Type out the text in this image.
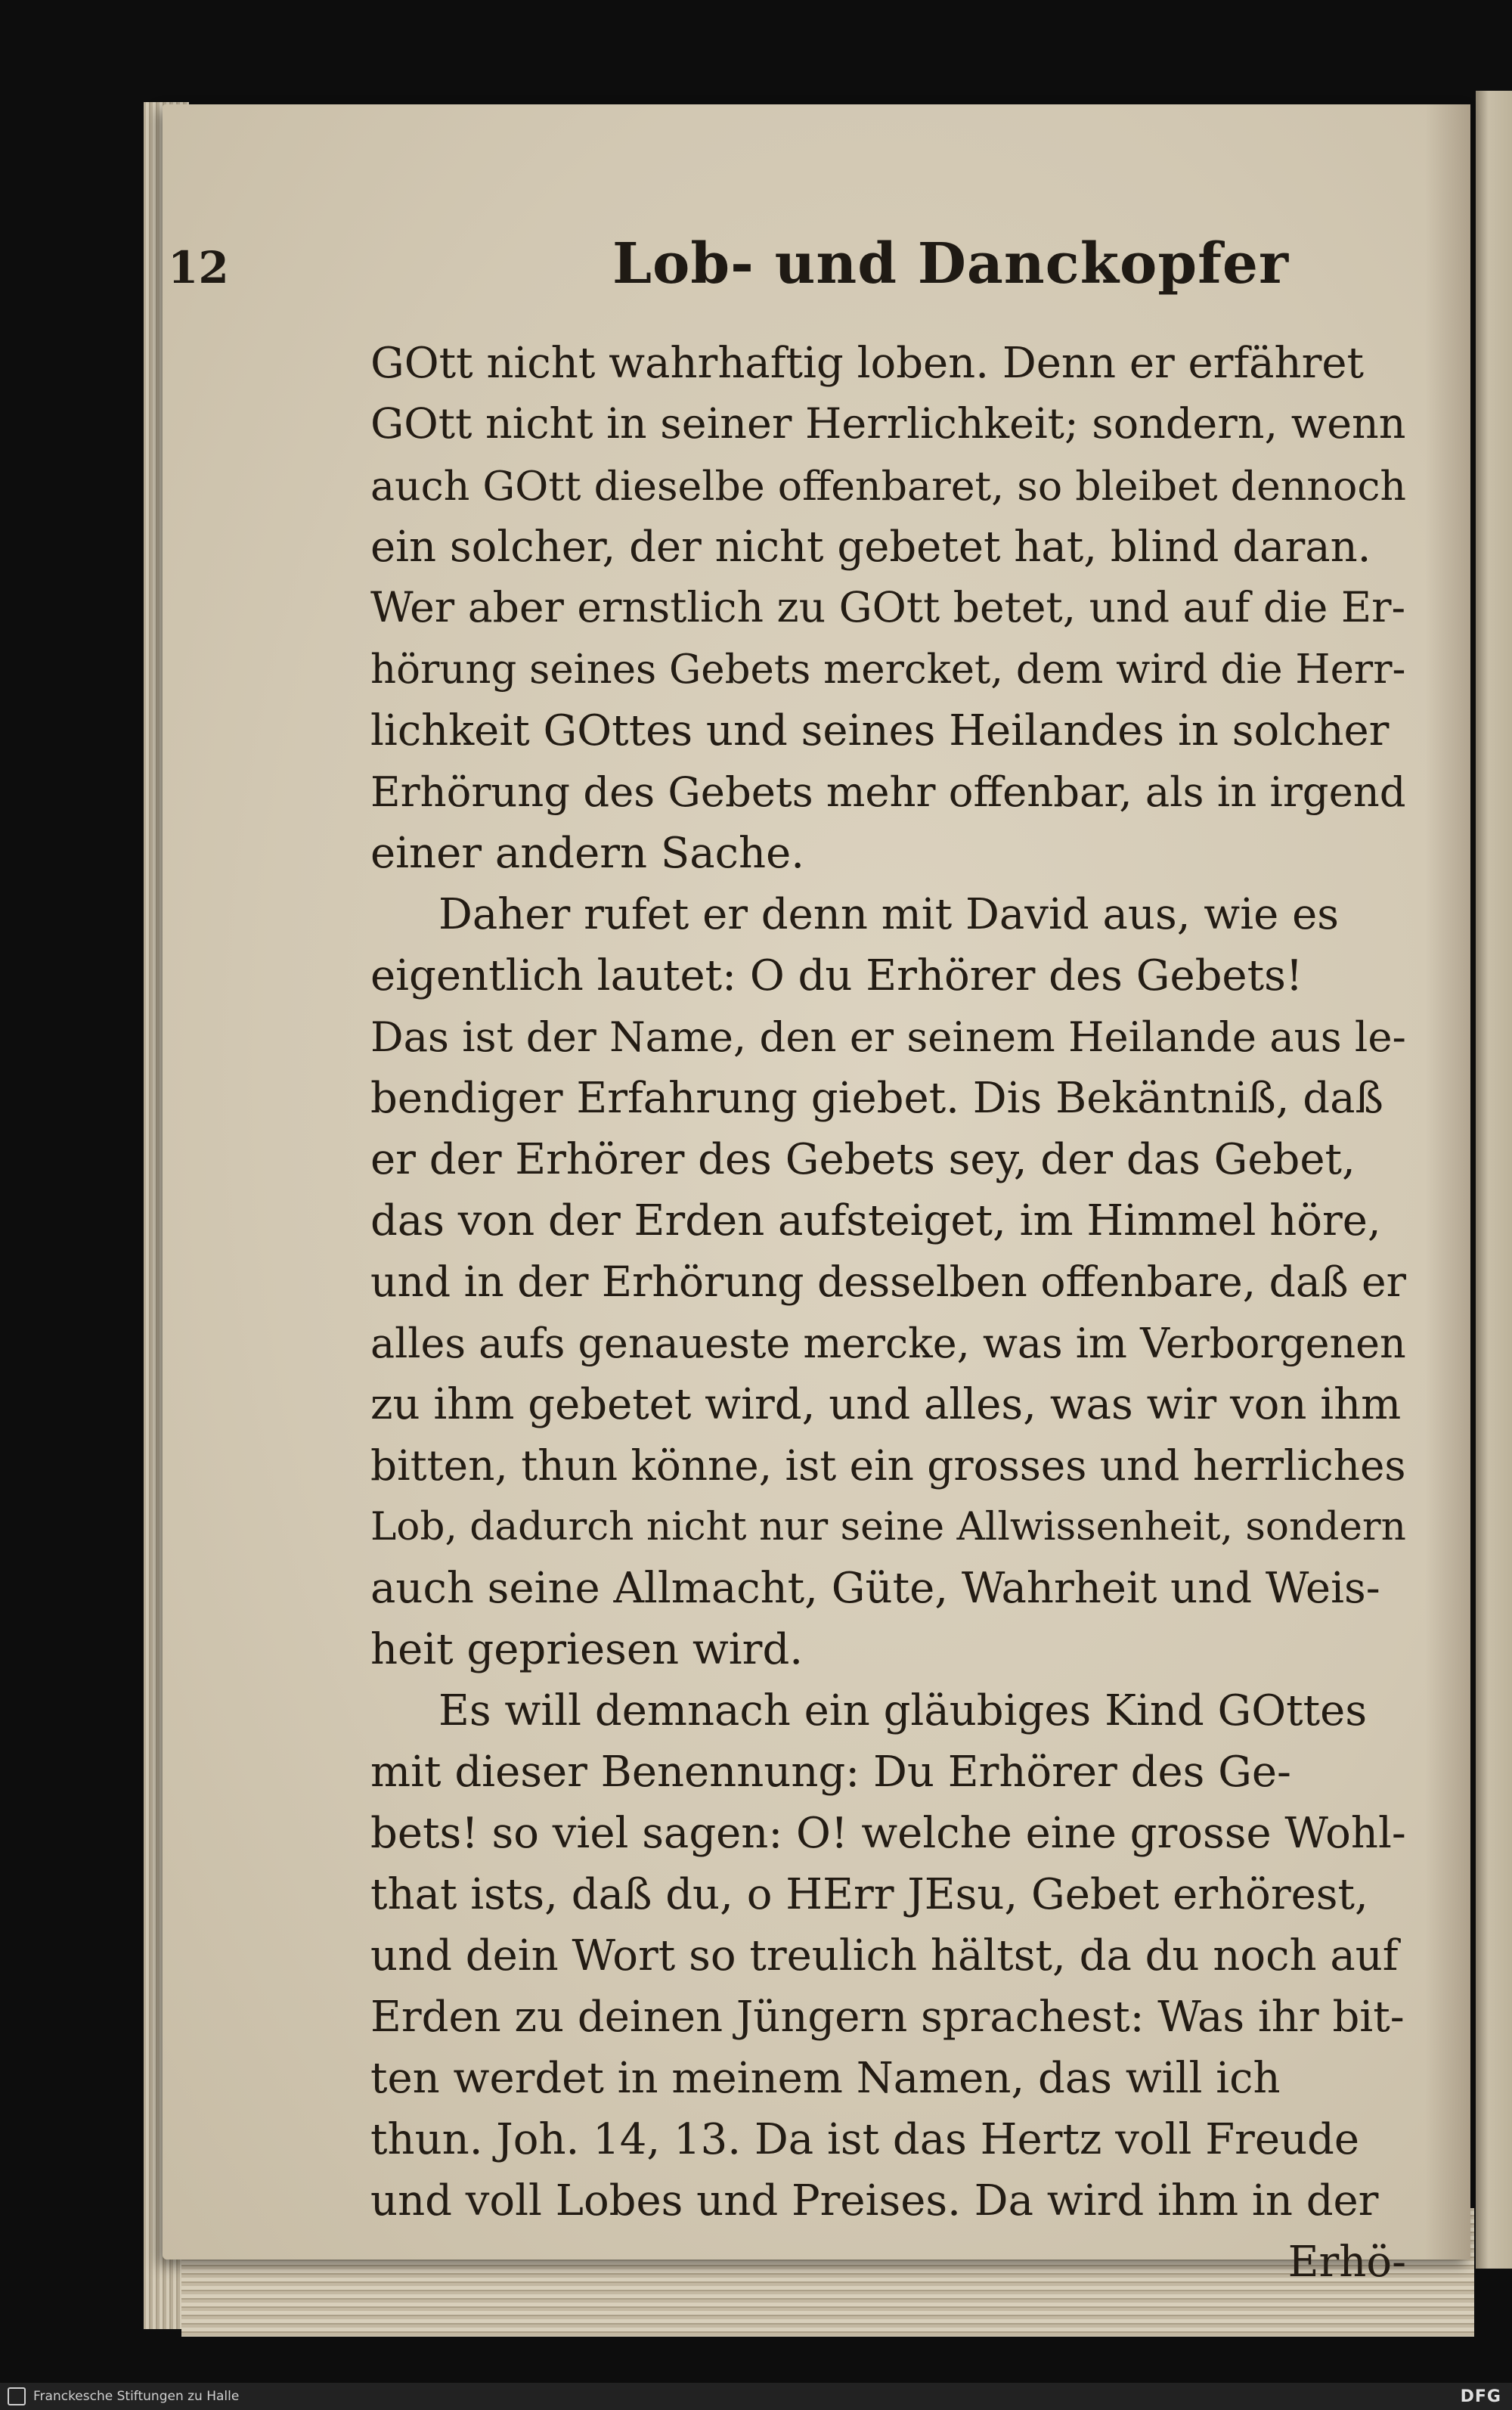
12	Lob- und Danckopfer
GOtt nicht wahrhaftig loben. Denn er erfähret
GOtt nicht in seiner Herrlichkeit; sondern, wenn
auch GOtt dieselbe offenbaret, so bleibet dennoch
ein solcher, der nicht gebetet hat, blind daran.
Wer aber ernstlich zu GOtt betet, und auf die Er-
hörung seines Gebets mercket, dem wird die Herr-
lichkeit GOttes und seines Heilandes in solcher
Erhörung des Gebets mehr offenbar, als in irgend
einer andern Sache.
Daher rufet er denn mit David aus, wie es
eigentlich lautet: O du Erhörer des Gebets!
Das ist der Name, den er seinem Heilande aus le-
bendiger Erfahrung giebet. Dis Bekäntniß, daß
er der Erhörer des Gebets sey, der das Gebet,
das von der Erden aufsteiget, im Himmel höre,
und in der Erhörung desselben offenbare, daß er
alles aufs genaueste mercke, was im Verborgenen
zu ihm gebetet wird, und alles, was wir von ihm
bitten, thun könne, ist ein grosses und herrliches
Lob, dadurch nicht nur seine Allwissenheit, sondern
auch seine Allmacht, Güte, Wahrheit und Weis-
heit gepriesen wird.
Es will demnach ein gläubiges Kind GOttes
mit dieser Benennung: Du Erhörer des Ge-
bets! so viel sagen: O! welche eine grosse Wohl-
that ists, daß du, o HErr JEsu, Gebet erhörest,
und dein Wort so treulich hältst, da du noch auf
Erden zu deinen Jüngern sprachest: Was ihr bit-
ten werdet in meinem Namen, das will ich
thun. Joh. 14, 13. Da ist das Hertz voll Freude
und voll Lobes und Preises. Da wird ihm in der
Erhö-
Franckesche Stiftungen zu Halle	DFG
